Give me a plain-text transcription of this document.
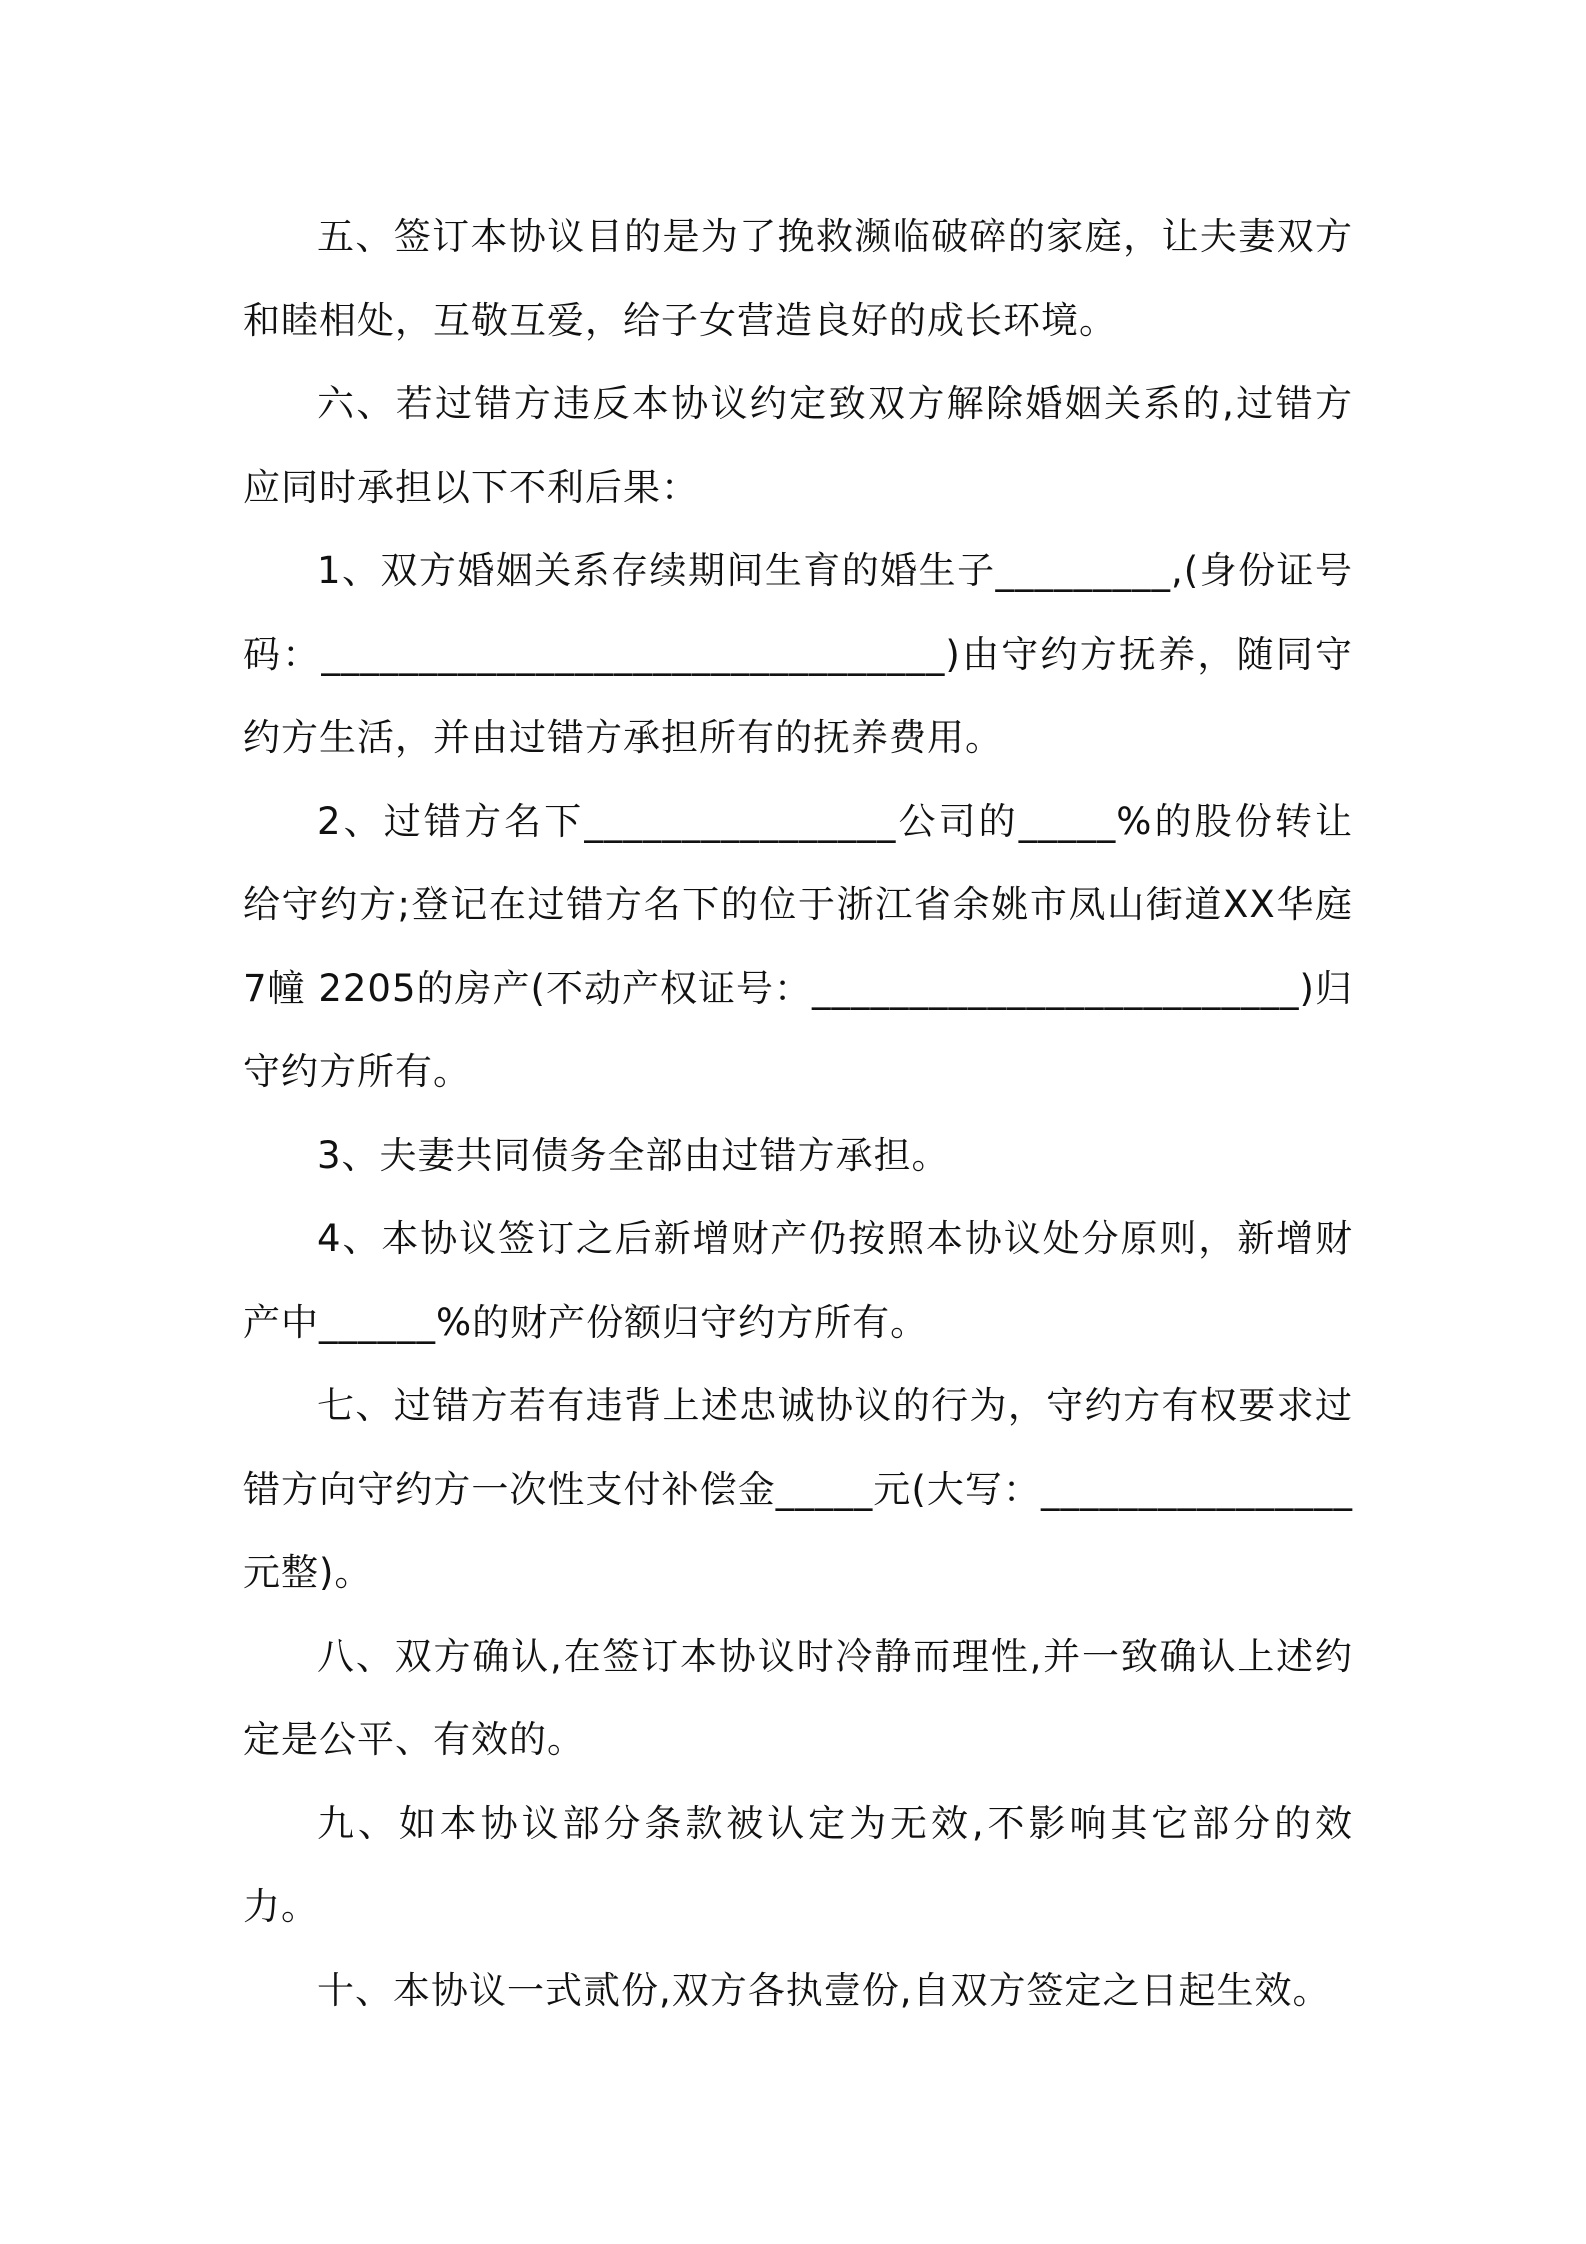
五、签订本协议目的是为了挽救濒临破碎的家庭，让夫妻双方和睦相处，互敬互爱，给子女营造良好的成长环境。

六、若过错方违反本协议约定致双方解除婚姻关系的,过错方应同时承担以下不利后果：

1、双方婚姻关系存续期间生育的婚生子_________,(身份证号码：________________________________)由守约方抚养，随同守约方生活，并由过错方承担所有的抚养费用。

2、过错方名下________________公司的_____%的股份转让给守约方;登记在过错方名下的位于浙江省余姚市凤山街道XX华庭 7幢 2205的房产(不动产权证号：_________________________)归守约方所有。

3、夫妻共同债务全部由过错方承担。

4、本协议签订之后新增财产仍按照本协议处分原则，新增财产中______%的财产份额归守约方所有。

七、过错方若有违背上述忠诚协议的行为，守约方有权要求过错方向守约方一次性支付补偿金_____元(大写：________________元整)。

八、双方确认,在签订本协议时冷静而理性,并一致确认上述约定是公平、有效的。

九、如本协议部分条款被认定为无效,不影响其它部分的效力。

十、本协议一式贰份,双方各执壹份,自双方签定之日起生效。
